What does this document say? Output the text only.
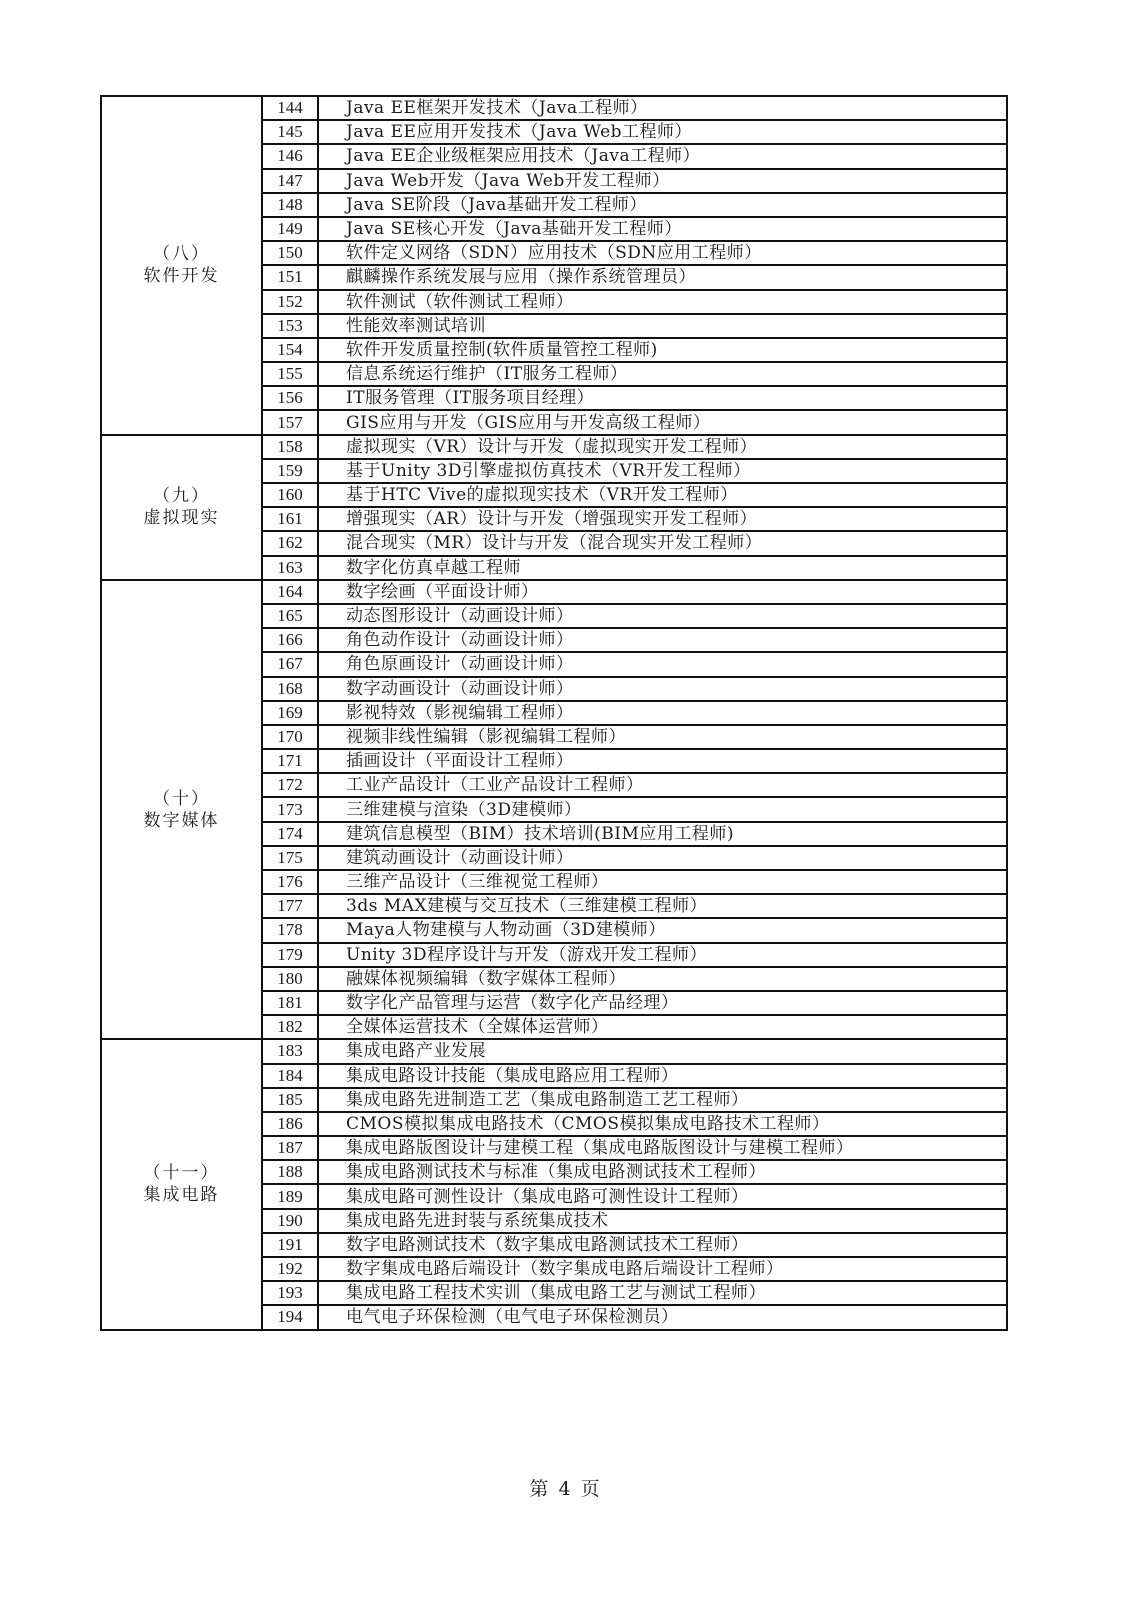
（八）
软件开发	144	Java EE框架开发技术（Java工程师）
	145	Java EE应用开发技术（Java Web工程师）
	146	Java EE企业级框架应用技术（Java工程师）
	147	Java Web开发（Java Web开发工程师）
	148	Java SE阶段（Java基础开发工程师）
	149	Java SE核心开发（Java基础开发工程师）
	150	软件定义网络（SDN）应用技术（SDN应用工程师）
	151	麒麟操作系统发展与应用（操作系统管理员）
	152	软件测试（软件测试工程师）
	153	性能效率测试培训
	154	软件开发质量控制(软件质量管控工程师)
	155	信息系统运行维护（IT服务工程师）
	156	IT服务管理（IT服务项目经理）
	157	GIS应用与开发（GIS应用与开发高级工程师）

（九）
虚拟现实	158	虚拟现实（VR）设计与开发（虚拟现实开发工程师）
	159	基于Unity 3D引擎虚拟仿真技术（VR开发工程师）
	160	基于HTC Vive的虚拟现实技术（VR开发工程师）
	161	增强现实（AR）设计与开发（增强现实开发工程师）
	162	混合现实（MR）设计与开发（混合现实开发工程师）
	163	数字化仿真卓越工程师

（十）
数字媒体	164	数字绘画（平面设计师）
	165	动态图形设计（动画设计师）
	166	角色动作设计（动画设计师）
	167	角色原画设计（动画设计师）
	168	数字动画设计（动画设计师）
	169	影视特效（影视编辑工程师）
	170	视频非线性编辑（影视编辑工程师）
	171	插画设计（平面设计工程师）
	172	工业产品设计（工业产品设计工程师）
	173	三维建模与渲染（3D建模师）
	174	建筑信息模型（BIM）技术培训(BIM应用工程师)
	175	建筑动画设计（动画设计师）
	176	三维产品设计（三维视觉工程师）
	177	3ds MAX建模与交互技术（三维建模工程师）
	178	Maya人物建模与人物动画（3D建模师）
	179	Unity 3D程序设计与开发（游戏开发工程师）
	180	融媒体视频编辑（数字媒体工程师）
	181	数字化产品管理与运营（数字化产品经理）
	182	全媒体运营技术（全媒体运营师）

（十一）
集成电路	183	集成电路产业发展
	184	集成电路设计技能（集成电路应用工程师）
	185	集成电路先进制造工艺（集成电路制造工艺工程师）
	186	CMOS模拟集成电路技术（CMOS模拟集成电路技术工程师）
	187	集成电路版图设计与建模工程（集成电路版图设计与建模工程师）
	188	集成电路测试技术与标准（集成电路测试技术工程师）
	189	集成电路可测性设计（集成电路可测性设计工程师）
	190	集成电路先进封装与系统集成技术
	191	数字电路测试技术（数字集成电路测试技术工程师）
	192	数字集成电路后端设计（数字集成电路后端设计工程师）
	193	集成电路工程技术实训（集成电路工艺与测试工程师）
	194	电气电子环保检测（电气电子环保检测员）
第 4 页
